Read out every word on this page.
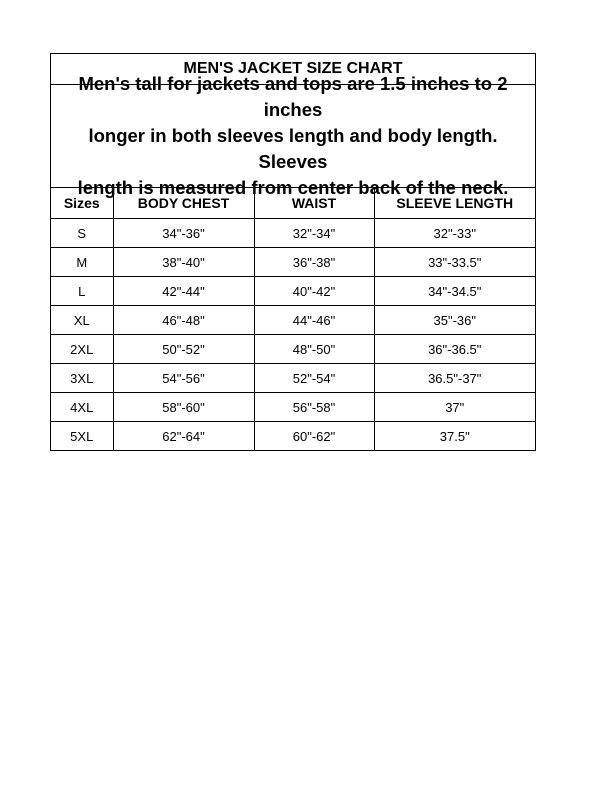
MEN'S JACKET SIZE CHART
Men's tall for jackets and tops are 1.5 inches to 2 inches
longer in both sleeves length and body length. Sleeves
length is measured from center back of the neck.
Sizes	BODY CHEST	WAIST	SLEEVE LENGTH
S	34"-36"	32"-34"	32"-33"
M	38"-40"	36"-38"	33"-33.5"
L	42"-44"	40"-42"	34"-34.5"
XL	46"-48"	44"-46"	35"-36"
2XL	50"-52"	48"-50"	36"-36.5"
3XL	54"-56"	52"-54"	36.5"-37"
4XL	58"-60"	56"-58"	37"
5XL	62"-64"	60"-62"	37.5"
